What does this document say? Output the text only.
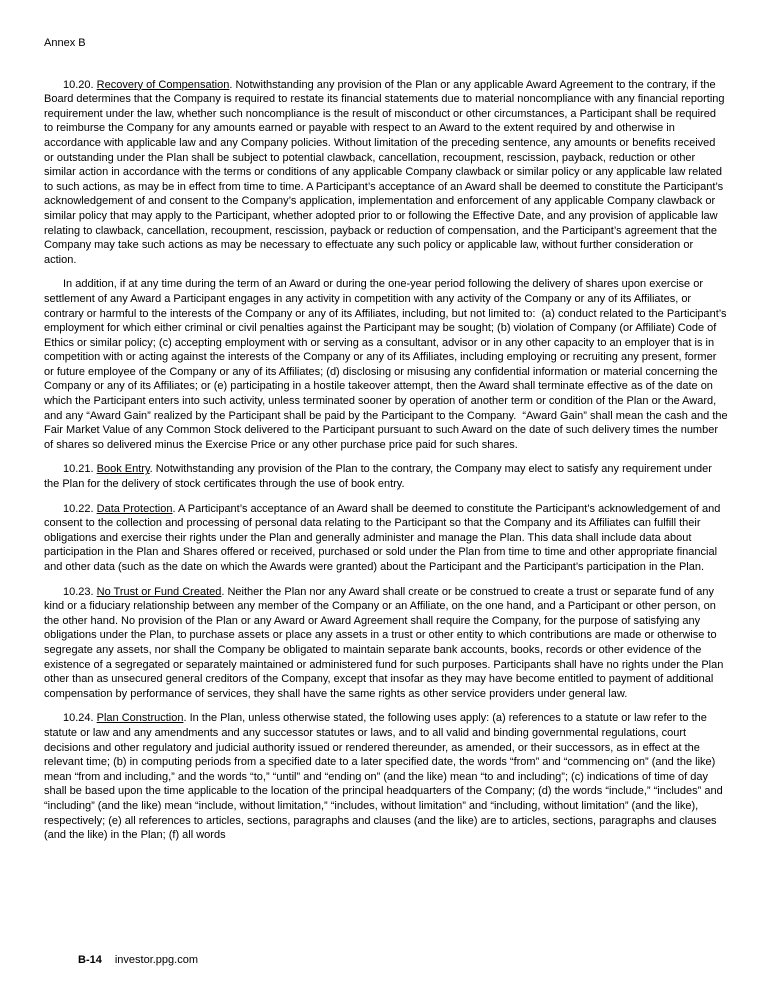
Annex B

10.20. Recovery of Compensation. Notwithstanding any provision of the Plan or any applicable Award Agreement to the contrary, if the Board determines that the Company is required to restate its financial statements due to material noncompliance with any financial reporting requirement under the law, whether such noncompliance is the result of misconduct or other circumstances, a Participant shall be required to reimburse the Company for any amounts earned or payable with respect to an Award to the extent required by and otherwise in accordance with applicable law and any Company policies. Without limitation of the preceding sentence, any amounts or benefits received or outstanding under the Plan shall be subject to potential clawback, cancellation, recoupment, rescission, payback, reduction or other similar action in accordance with the terms or conditions of any applicable Company clawback or similar policy or any applicable law related to such actions, as may be in effect from time to time. A Participant’s acceptance of an Award shall be deemed to constitute the Participant’s acknowledgement of and consent to the Company’s application, implementation and enforcement of any applicable Company clawback or similar policy that may apply to the Participant, whether adopted prior to or following the Effective Date, and any provision of applicable law relating to clawback, cancellation, recoupment, rescission, payback or reduction of compensation, and the Participant’s agreement that the Company may take such actions as may be necessary to effectuate any such policy or applicable law, without further consideration or action.

In addition, if at any time during the term of an Award or during the one-year period following the delivery of shares upon exercise or settlement of any Award a Participant engages in any activity in competition with any activity of the Company or any of its Affiliates, or contrary or harmful to the interests of the Company or any of its Affiliates, including, but not limited to:  (a) conduct related to the Participant’s employment for which either criminal or civil penalties against the Participant may be sought; (b) violation of Company (or Affiliate) Code of Ethics or similar policy; (c) accepting employment with or serving as a consultant, advisor or in any other capacity to an employer that is in competition with or acting against the interests of the Company or any of its Affiliates, including employing or recruiting any present, former or future employee of the Company or any of its Affiliates; (d) disclosing or misusing any confidential information or material concerning the Company or any of its Affiliates; or (e) participating in a hostile takeover attempt, then the Award shall terminate effective as of the date on which the Participant enters into such activity, unless terminated sooner by operation of another term or condition of the Plan or the Award, and any “Award Gain” realized by the Participant shall be paid by the Participant to the Company.  “Award Gain” shall mean the cash and the Fair Market Value of any Common Stock delivered to the Participant pursuant to such Award on the date of such delivery times the number of shares so delivered minus the Exercise Price or any other purchase price paid for such shares.

10.21. Book Entry. Notwithstanding any provision of the Plan to the contrary, the Company may elect to satisfy any requirement under the Plan for the delivery of stock certificates through the use of book entry.

10.22. Data Protection. A Participant’s acceptance of an Award shall be deemed to constitute the Participant’s acknowledgement of and consent to the collection and processing of personal data relating to the Participant so that the Company and its Affiliates can fulfill their obligations and exercise their rights under the Plan and generally administer and manage the Plan. This data shall include data about participation in the Plan and Shares offered or received, purchased or sold under the Plan from time to time and other appropriate financial and other data (such as the date on which the Awards were granted) about the Participant and the Participant’s participation in the Plan.

10.23. No Trust or Fund Created. Neither the Plan nor any Award shall create or be construed to create a trust or separate fund of any kind or a fiduciary relationship between any member of the Company or an Affiliate, on the one hand, and a Participant or other person, on the other hand. No provision of the Plan or any Award or Award Agreement shall require the Company, for the purpose of satisfying any obligations under the Plan, to purchase assets or place any assets in a trust or other entity to which contributions are made or otherwise to segregate any assets, nor shall the Company be obligated to maintain separate bank accounts, books, records or other evidence of the existence of a segregated or separately maintained or administered fund for such purposes. Participants shall have no rights under the Plan other than as unsecured general creditors of the Company, except that insofar as they may have become entitled to payment of additional compensation by performance of services, they shall have the same rights as other service providers under general law.

10.24. Plan Construction. In the Plan, unless otherwise stated, the following uses apply: (a) references to a statute or law refer to the statute or law and any amendments and any successor statutes or laws, and to all valid and binding governmental regulations, court decisions and other regulatory and judicial authority issued or rendered thereunder, as amended, or their successors, as in effect at the relevant time; (b) in computing periods from a specified date to a later specified date, the words “from” and “commencing on” (and the like) mean “from and including,” and the words “to,” “until” and “ending on” (and the like) mean “to and including”; (c) indications of time of day shall be based upon the time applicable to the location of the principal headquarters of the Company; (d) the words “include,” “includes” and “including” (and the like) mean “include, without limitation,” “includes, without limitation” and “including, without limitation” (and the like), respectively; (e) all references to articles, sections, paragraphs and clauses (and the like) are to articles, sections, paragraphs and clauses (and the like) in the Plan; (f) all words

B-14 investor.ppg.com
